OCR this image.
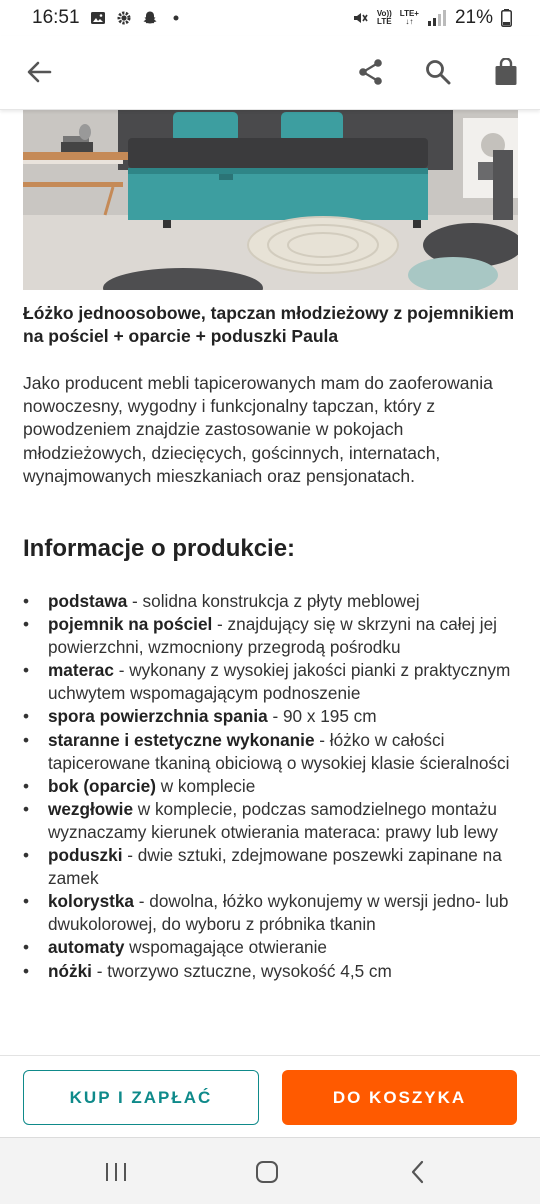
16:51	Vo))
LTE
LTE+
↓↑ 21%
Łóżko jednoosobowe, tapczan młodzieżowy z pojemnikiem na pościel + oparcie + poduszki Paula
Jako producent mebli tapicerowanych mam do zaoferowania nowoczesny, wygodny i funkcjonalny tapczan, który z powodzeniem znajdzie zastosowanie w pokojach młodzieżowych, dziecięcych, gościnnych, internatach, wynajmowanych mieszkaniach oraz pensjonatach.
Informacje o produkcie:
• podstawa - solidna konstrukcja z płyty meblowej
• pojemnik na pościel - znajdujący się w skrzyni na całej jej powierzchni, wzmocniony przegrodą pośrodku
• materac - wykonany z wysokiej jakości pianki z praktycznym uchwytem wspomagającym podnoszenie
• spora powierzchnia spania - 90 x 195 cm
• staranne i estetyczne wykonanie - łóżko w całości tapicerowane tkaniną obiciową o wysokiej klasie ścieralności
• bok (oparcie) w komplecie
• wezgłowie w komplecie, podczas samodzielnego montażu wyznaczamy kierunek otwierania materaca: prawy lub lewy
• poduszki - dwie sztuki, zdejmowane poszewki zapinane na zamek
• kolorystka - dowolna, łóżko wykonujemy w wersji jedno- lub dwukolorowej, do wyboru z próbnika tkanin
• automaty wspomagające otwieranie
• nóżki - tworzywo sztuczne, wysokość 4,5 cm
KUP I ZAPŁAĆ	DO KOSZYKA
